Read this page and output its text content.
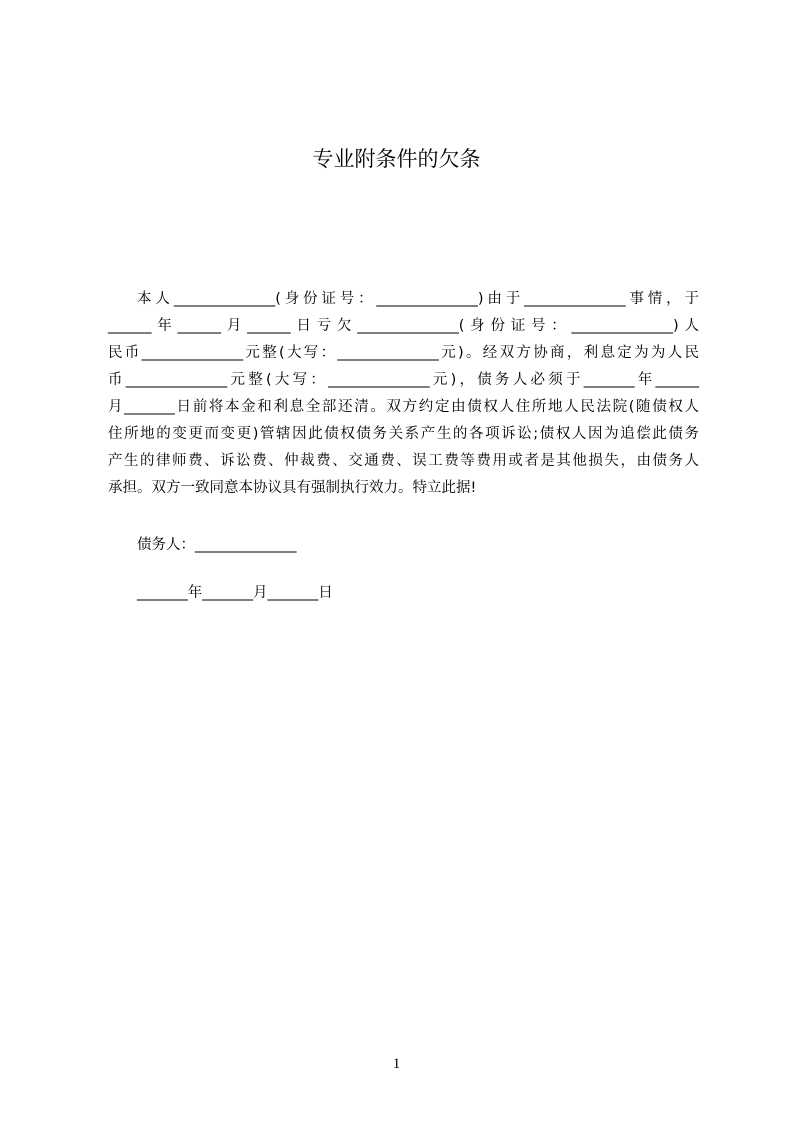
专业附条件的欠条
本人______________(身份证号：______________)由于______________事情，于
______年______月______日亏欠______________(身份证号：______________)人
民币______________元整(大写：______________元)。经双方协商，利息定为为人民
币______________元整(大写：______________元)，债务人必须于_______年______
月_______日前将本金和利息全部还清。双方约定由债权人住所地人民法院(随债权人
住所地的变更而变更)管辖因此债权债务关系产生的各项诉讼;债权人因为追偿此债务
产生的律师费、诉讼费、仲裁费、交通费、误工费等费用或者是其他损失，由债务人
承担。双方一致同意本协议具有强制执行效力。特立此据!
债务人：______________
_______年_______月_______日
1
